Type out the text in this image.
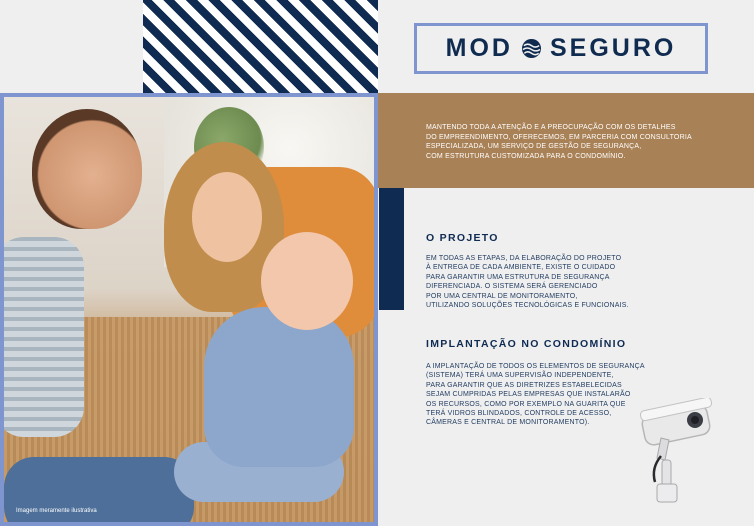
Imagem meramente ilustrativa
MOD SEGURO
MANTENDO TODA A ATENÇÃO E A PREOCUPAÇÃO COM OS DETALHES
DO EMPREENDIMENTO, OFERECEMOS, EM PARCERIA COM CONSULTORIA
ESPECIALIZADA, UM SERVIÇO DE GESTÃO DE SEGURANÇA,
COM ESTRUTURA CUSTOMIZADA PARA O CONDOMÍNIO.
O PROJETO

EM TODAS AS ETAPAS, DA ELABORAÇÃO DO PROJETO
À ENTREGA DE CADA AMBIENTE, EXISTE O CUIDADO
PARA GARANTIR UMA ESTRUTURA DE SEGURANÇA
DIFERENCIADA. O SISTEMA SERÁ GERENCIADO
POR UMA CENTRAL DE MONITORAMENTO,
UTILIZANDO SOLUÇÕES TECNOLÓGICAS E FUNCIONAIS.

IMPLANTAÇÃO NO CONDOMÍNIO

A IMPLANTAÇÃO DE TODOS OS ELEMENTOS DE SEGURANÇA
(SISTEMA) TERÁ UMA SUPERVISÃO INDEPENDENTE,
PARA GARANTIR QUE AS DIRETRIZES ESTABELECIDAS
SEJAM CUMPRIDAS PELAS EMPRESAS QUE INSTALARÃO
OS RECURSOS, COMO POR EXEMPLO NA GUARITA QUE
TERÁ VIDROS BLINDADOS, CONTROLE DE ACESSO,
CÂMERAS E CENTRAL DE MONITORAMENTO).
